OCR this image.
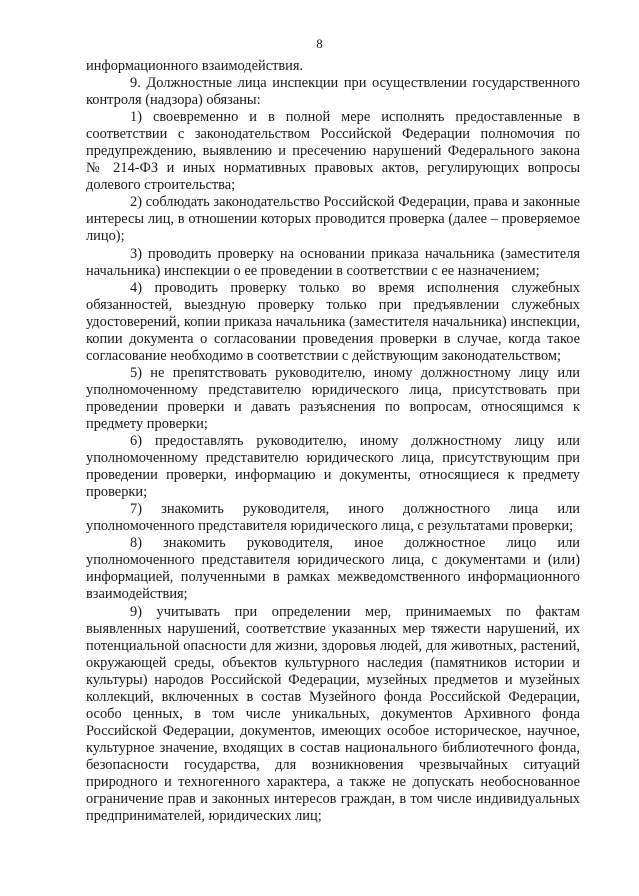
8

информационного взаимодействия.

9. Должностные лица инспекции при осуществлении государственного контроля (надзора) обязаны:

1) своевременно и в полной мере исполнять предоставленные в соответствии с законодательством Российской Федерации полномочия по предупреждению, выявлению и пресечению нарушений Федерального закона № 214-ФЗ и иных нормативных правовых актов, регулирующих вопросы долевого строительства;

2) соблюдать законодательство Российской Федерации, права и законные интересы лиц, в отношении которых проводится проверка (далее – проверяемое лицо);

3) проводить проверку на основании приказа начальника (заместителя начальника) инспекции о ее проведении в соответствии с ее назначением;

4) проводить проверку только во время исполнения служебных обязанностей, выездную проверку только при предъявлении служебных удостоверений, копии приказа начальника (заместителя начальника) инспекции, копии документа о согласовании проведения проверки в случае, когда такое согласование необходимо в соответствии с действующим законодательством;

5) не препятствовать руководителю, иному должностному лицу или уполномоченному представителю юридического лица, присутствовать при проведении проверки и давать разъяснения по вопросам, относящимся к предмету проверки;

6) предоставлять руководителю, иному должностному лицу или уполномоченному представителю юридического лица, присутствующим при проведении проверки, информацию и документы, относящиеся к предмету проверки;

7) знакомить руководителя, иного должностного лица или уполномоченного представителя юридического лица, с результатами проверки;

8) знакомить руководителя, иное должностное лицо или уполномоченного представителя юридического лица, с документами и (или) информацией, полученными в рамках межведомственного информационного взаимодействия;

9) учитывать при определении мер, принимаемых по фактам выявленных нарушений, соответствие указанных мер тяжести нарушений, их потенциальной опасности для жизни, здоровья людей, для животных, растений, окружающей среды, объектов культурного наследия (памятников истории и культуры) народов Российской Федерации, музейных предметов и музейных коллекций, включенных в состав Музейного фонда Российской Федерации, особо ценных, в том числе уникальных, документов Архивного фонда Российской Федерации, документов, имеющих особое историческое, научное, культурное значение, входящих в состав национального библиотечного фонда, безопасности государства, для возникновения чрезвычайных ситуаций природного и техногенного характера, а также не допускать необоснованное ограничение прав и законных интересов граждан, в том числе индивидуальных предпринимателей, юридических лиц;
